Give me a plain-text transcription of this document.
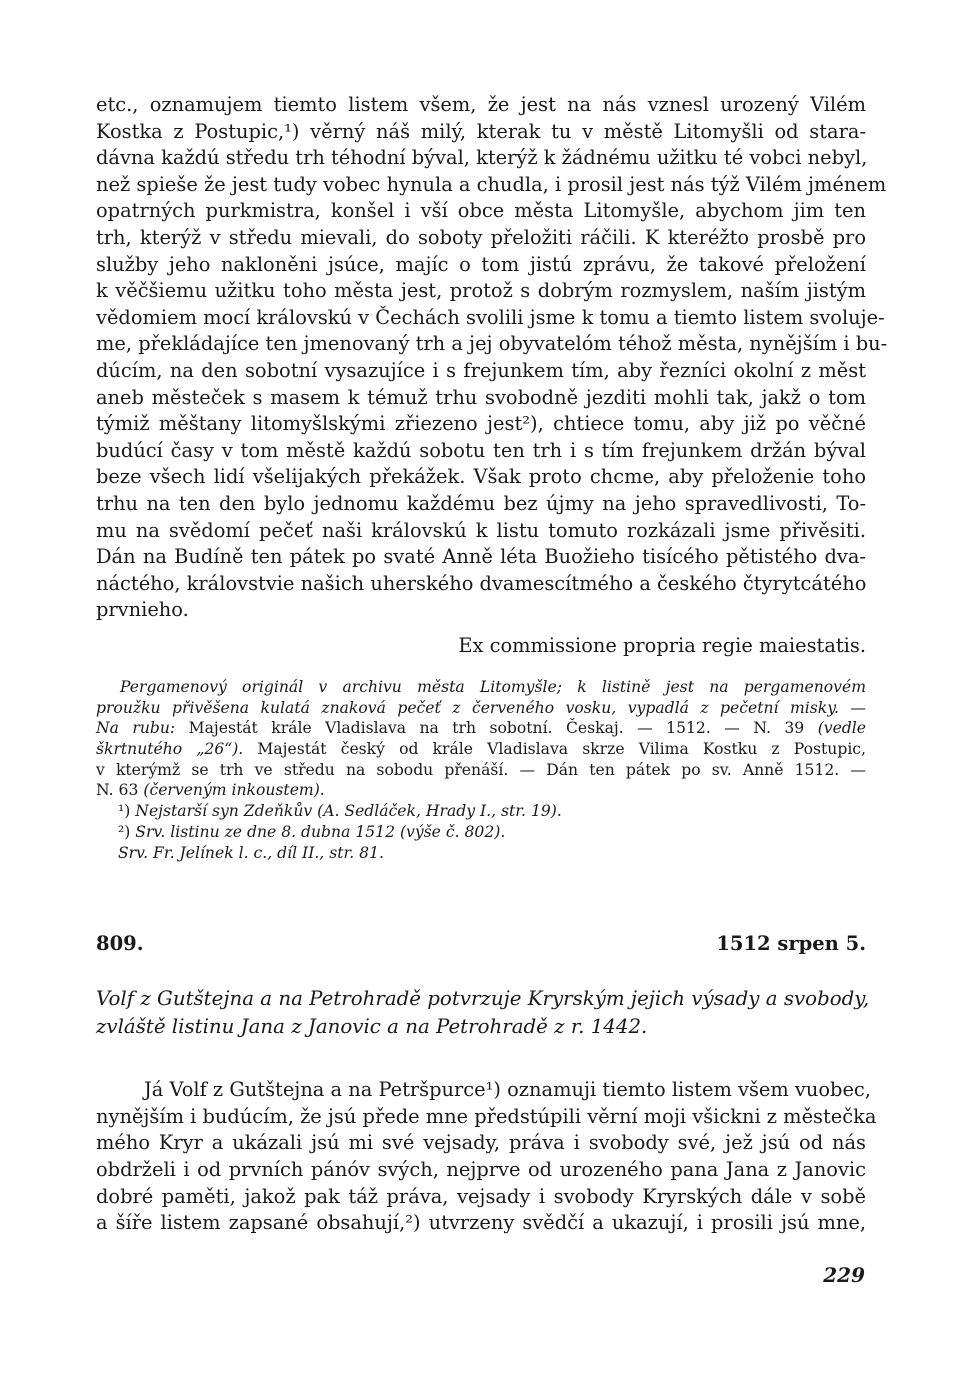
etc., oznamujem tiemto listem všem, že jest na nás vznesl urozený Vilém
Kostka z Postupic,¹) věrný náš milý, kterak tu v městě Litomyšli od stara-
dávna každú středu trh téhodní býval, kterýž k žádnému užitku té vobci nebyl,
než spieše že jest tudy vobec hynula a chudla, i prosil jest nás týž Vilém jménem
opatrných purkmistra, konšel i vší obce města Litomyšle, abychom jim ten
trh, kterýž v středu mievali, do soboty přeložiti ráčili. K kteréžto prosbě pro
služby jeho nakloněni jsúce, majíc o tom jistú zprávu, že takové přeložení
k věčšiemu užitku toho města jest, protož s dobrým rozmyslem, naším jistým
vědomiem mocí královskú v Čechách svolili jsme k tomu a tiemto listem svoluje-
me, překládajíce ten jmenovaný trh a jej obyvatelóm téhož města, nynějším i bu-
dúcím, na den sobotní vysazujíce i s frejunkem tím, aby řezníci okolní z měst
aneb městeček s masem k témuž trhu svobodně jezditi mohli tak, jakž o tom
týmiž měštany litomyšlskými zřiezeno jest²), chtiece tomu, aby již po věčné
budúcí časy v tom městě každú sobotu ten trh i s tím frejunkem držán býval
beze všech lidí všelijakých překážek. Však proto chcme, aby přeloženie toho
trhu na ten den bylo jednomu každému bez újmy na jeho spravedlivosti, To-
mu na svědomí pečeť naši královskú k listu tomuto rozkázali jsme přivěsiti.
Dán na Budíně ten pátek po svaté Anně léta Buožieho tisícého pětistého dva-
náctého, královstvie našich uherského dvamescítmého a českého čtyrytcátého
prvnieho.
Ex commissione propria regie maiestatis.
Pergamenový originál v archivu města Litomyšle; k listině jest na pergamenovém
proužku přivěšena kulatá znaková pečeť z červeného vosku, vypadlá z pečetní misky. —
Na rubu: Majestát krále Vladislava na trh sobotní. Českaj. — 1512. — N. 39 (vedle
škrtnutého „26“). Majestát český od krále Vladislava skrze Vilima Kostku z Postupic,
v kterýmž se trh ve středu na sobodu přenáší. — Dán ten pátek po sv. Anně 1512. —
N. 63 (červeným inkoustem).
¹) Nejstarší syn Zdeňkův (A. Sedláček, Hrady I., str. 19).
²) Srv. listinu ze dne 8. dubna 1512 (výše č. 802).
Srv. Fr. Jelínek l. c., díl II., str. 81.
809.	1512 srpen 5.
Volf z Gutštejna a na Petrohradě potvrzuje Kryrským jejich výsady a svobody,
zvláště listinu Jana z Janovic a na Petrohradě z r. 1442.
Já Volf z Gutštejna a na Petršpurce¹) oznamuji tiemto listem všem vuobec,
nynějším i budúcím, že jsú přede mne předstúpili věrní moji všickni z městečka
mého Kryr a ukázali jsú mi své vejsady, práva i svobody své, jež jsú od nás
obdrželi i od prvních pánóv svých, nejprve od urozeného pana Jana z Janovic
dobré paměti, jakož pak táž práva, vejsady i svobody Kryrských dále v sobě
a šíře listem zapsané obsahují,²) utvrzeny svědčí a ukazují, i prosili jsú mne,
229
